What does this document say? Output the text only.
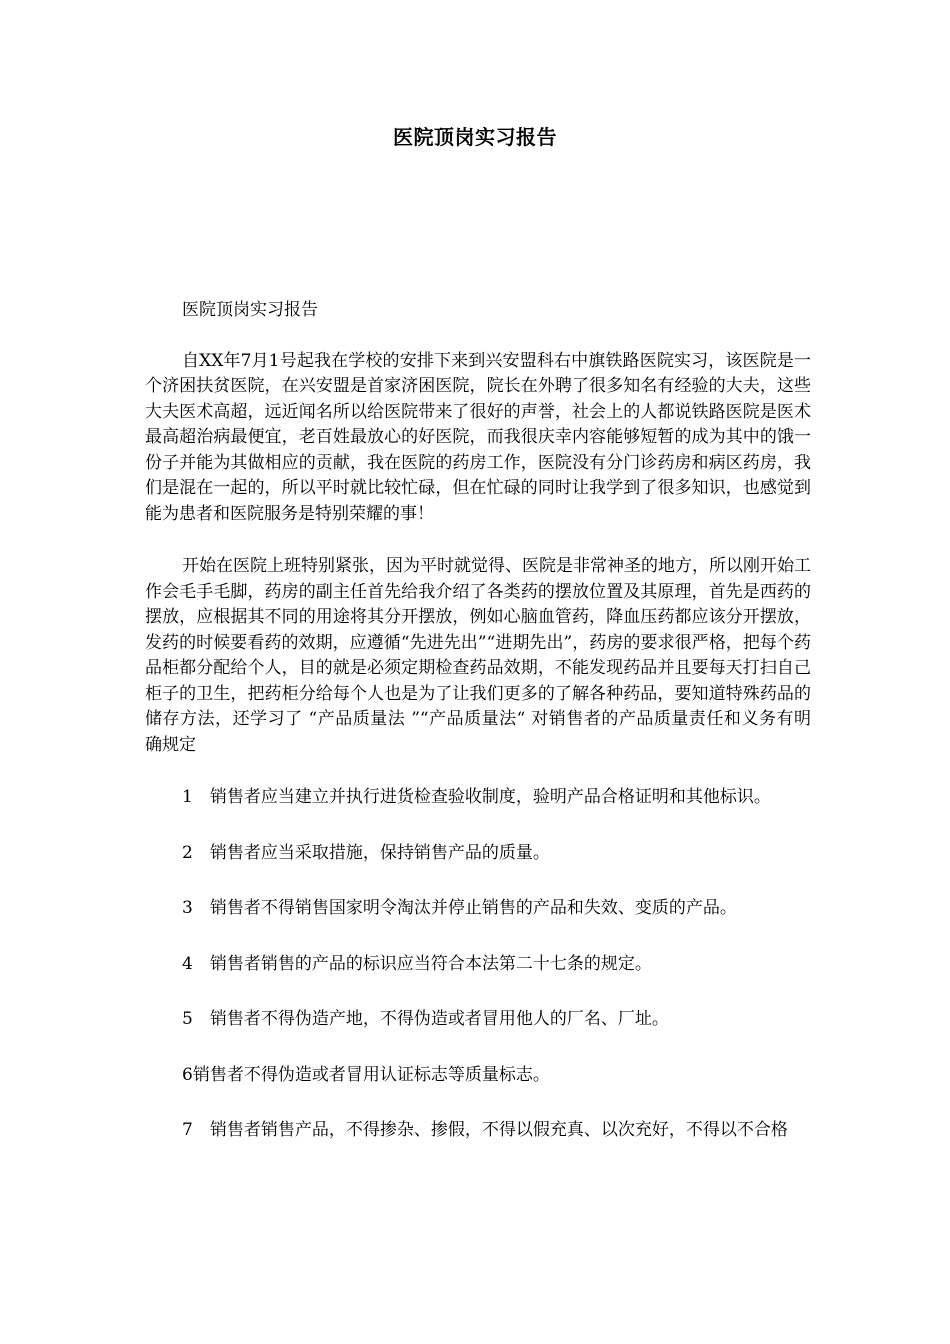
医院顶岗实习报告

医院顶岗实习报告

自XX年7月1号起我在学校的安排下来到兴安盟科右中旗铁路医院实习，该医院是一个济困扶贫医院，在兴安盟是首家济困医院，院长在外聘了很多知名有经验的大夫，这些大夫医术高超，远近闻名所以给医院带来了很好的声誉，社会上的人都说铁路医院是医术最高超治病最便宜，老百姓最放心的好医院，而我很庆幸内容能够短暂的成为其中的饿一份子并能为其做相应的贡献，我在医院的药房工作，医院没有分门诊药房和病区药房，我们是混在一起的，所以平时就比较忙碌，但在忙碌的同时让我学到了很多知识，也感觉到能为患者和医院服务是特别荣耀的事！

开始在医院上班特别紧张，因为平时就觉得、医院是非常神圣的地方，所以刚开始工作会毛手毛脚，药房的副主任首先给我介绍了各类药的摆放位置及其原理，首先是西药的摆放，应根据其不同的用途将其分开摆放，例如心脑血管药，降血压药都应该分开摆放，发药的时候要看药的效期，应遵循“先进先出”“进期先出”，药房的要求很严格，把每个药品柜都分配给个人，目的就是必须定期检查药品效期，不能发现药品并且要每天打扫自己柜子的卫生，把药柜分给每个人也是为了让我们更多的了解各种药品，要知道特殊药品的储存方法，还学习了 “产品质量法 ”“产品质量法“ 对销售者的产品质量责任和义务有明 确规定

1 销售者应当建立并执行进货检查验收制度，验明产品合格证明和其他标识。

2 销售者应当采取措施，保持销售产品的质量。

3 销售者不得销售国家明令淘汰并停止销售的产品和失效、变质的产品。

4 销售者销售的产品的标识应当符合本法第二十七条的规定。

5 销售者不得伪造产地，不得伪造或者冒用他人的厂名、厂址。

6销售者不得伪造或者冒用认证标志等质量标志。

7 销售者销售产品，不得掺杂、掺假，不得以假充真、以次充好，不得以不合格
